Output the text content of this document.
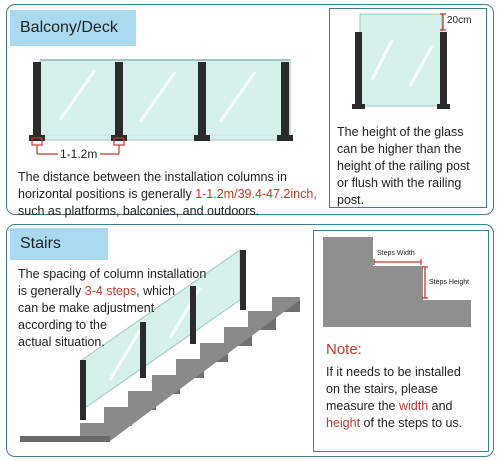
Balcony/Deck
1-1.2m
The distance between the installation columns in
horizontal positions is generally 1-1.2m/39.4-47.2inch,
such as platforms, balconies, and outdoors.
20cm
The height of the glass
can be higher than the
height of the railing post
or flush with the railing
post.
Stairs
The spacing of column installation
is generally 3-4 steps, which
can be make adjustment
according to the
actual situation.
Steps Width
Steps Height
Note:
If it needs to be installed
on the stairs, please
measure the width and
height of the steps to us.
